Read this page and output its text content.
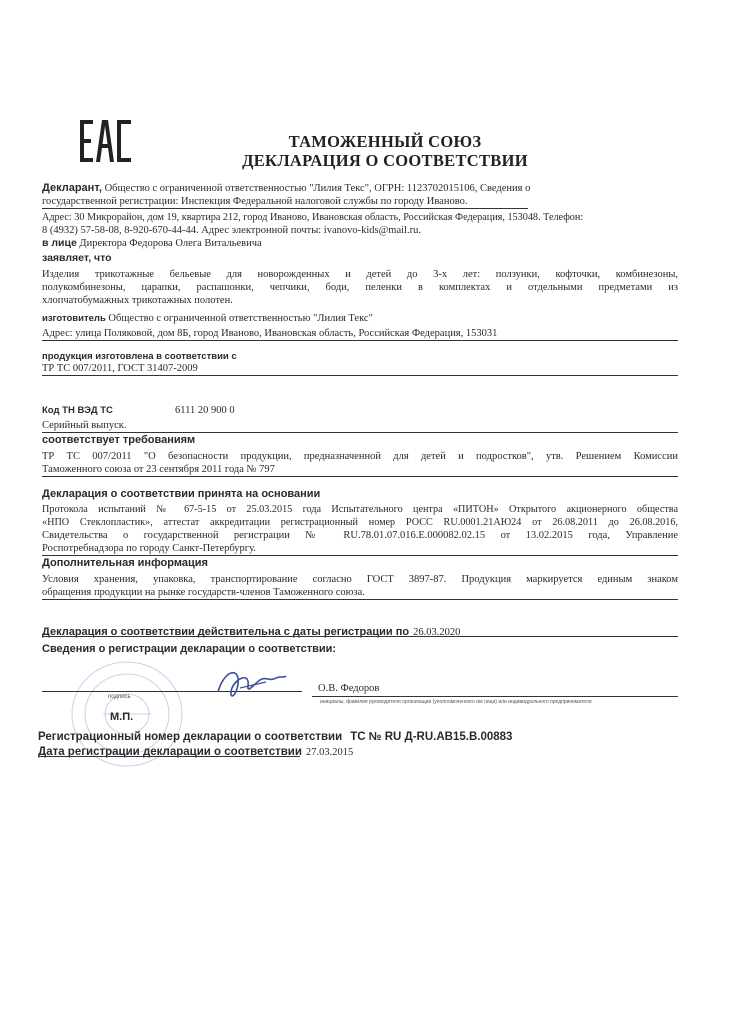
ТАМОЖЕННЫЙ СОЮЗ
ДЕКЛАРАЦИЯ О СООТВЕТСТВИИ
Декларант, Общество с ограниченной ответственностью "Лилия Текс", ОГРН: 1123702015106, Сведения о
государственной регистрации: Инспекция Федеральной налоговой службы по городу Иваново.
Адрес: 30 Микрорайон, дом 19, квартира 212, город Иваново, Ивановская область, Российская Федерация, 153048. Телефон:
8 (4932) 57-58-08, 8-920-670-44-44. Адрес электронной почты: ivanovo-kids@mail.ru.
в лице Директора Федорова Олега Витальевича
заявляет, что
Изделия трикотажные бельевые для новорожденных и детей до 3-х лет: ползунки, кофточки, комбинезоны,
полукомбинезоны, царапки, распашонки, чепчики, боди, пеленки в комплектах и отдельными предметами из
хлопчатобумажных трикотажных полотен.
изготовитель Общество с ограниченной ответственностью "Лилия Текс"
Адрес: улица Поляковой, дом 8Б, город Иваново, Ивановская область, Российская Федерация, 153031
продукция изготовлена в соответствии с
ТР ТС 007/2011, ГОСТ 31407-2009
Код ТН ВЭД ТС	6111 20 900 0
Серийный выпуск.
соответствует требованиям
ТР ТС 007/2011 "О безопасности продукции, предназначенной для детей и подростков", утв. Решением Комиссии
Таможенного союза от 23 сентября 2011 года № 797
Декларация о соответствии принята на основании
Протокола испытаний № 67-5-15 от 25.03.2015 года Испытательного центра «ПИТОН» Открытого акционерного общества
«НПО Стеклопластик», аттестат аккредитации регистрационный номер РОСС RU.0001.21АЮ24 от 26.08.2011 до 26.08.2016,
Свидетельства о государственной регистрации № RU.78.01.07.016.Е.000082.02.15 от 13.02.2015 года, Управление
Роспотребнадзора по городу Санкт-Петербургу.
Дополнительная информация
Условия хранения, упаковка, транспортирование согласно ГОСТ 3897-87. Продукция маркируется единым знаком
обращения продукции на рынке государств-членов Таможенного союза.
Декларация о соответствии действительна с даты регистрации по 26.03.2020
Сведения о регистрации декларации о соответствии:
подпись
О.В. Федоров
инициалы, фамилия руководителя организации (уполномоченного им лица) или индивидуального предпринимателя
М.П.
Регистрационный номер декларации о соответствии ТС № RU Д-RU.АВ15.В.00883
Дата регистрации декларации о соответствии 27.03.2015
